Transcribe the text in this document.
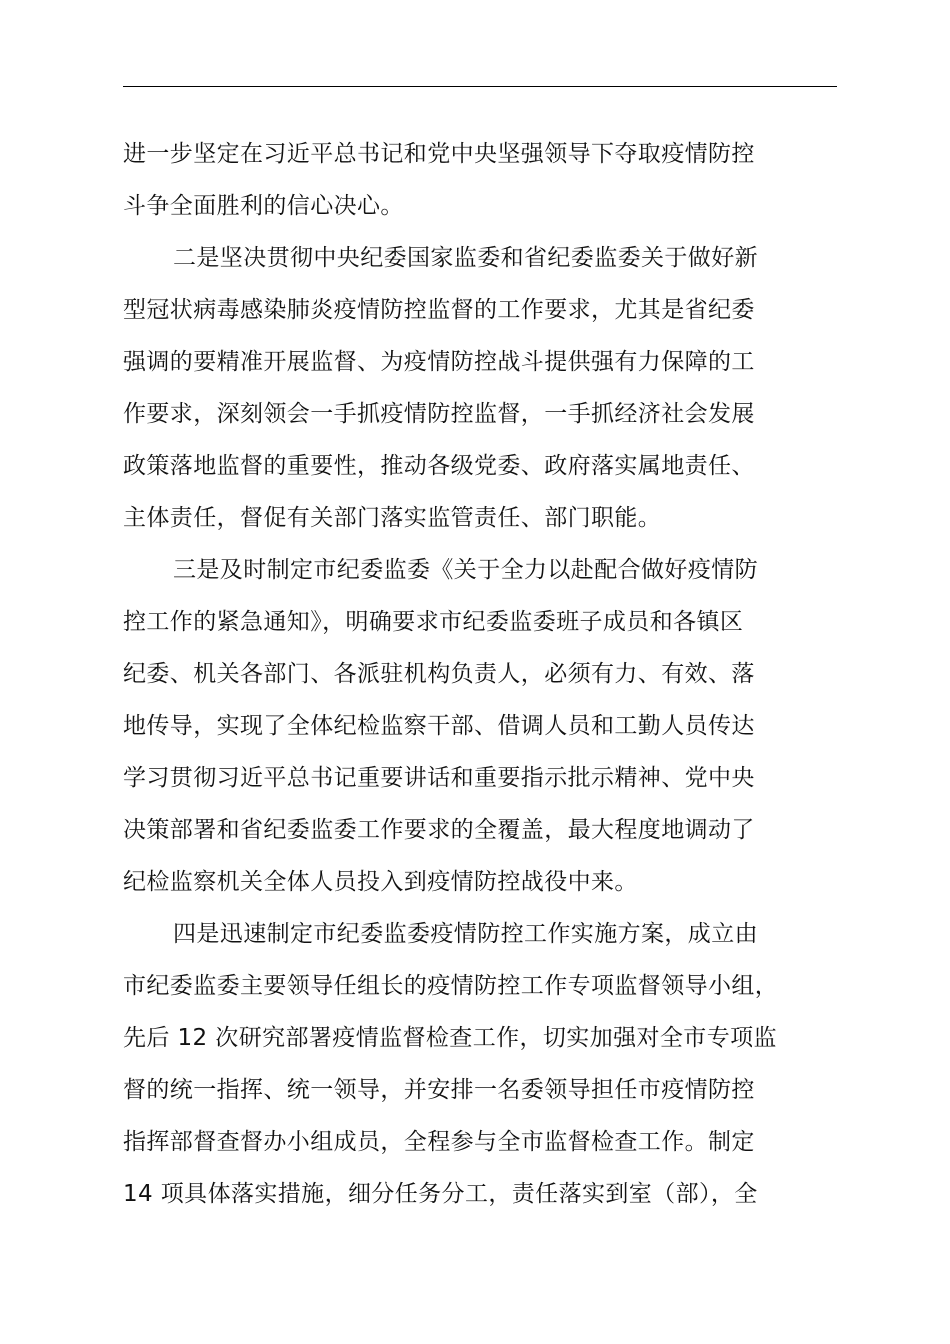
进一步坚定在习近平总书记和党中央坚强领导下夺取疫情防控
斗争全面胜利的信心决心。
二是坚决贯彻中央纪委国家监委和省纪委监委关于做好新
型冠状病毒感染肺炎疫情防控监督的工作要求，尤其是省纪委
强调的要精准开展监督、为疫情防控战斗提供强有力保障的工
作要求，深刻领会一手抓疫情防控监督，一手抓经济社会发展
政策落地监督的重要性，推动各级党委、政府落实属地责任、
主体责任，督促有关部门落实监管责任、部门职能。
三是及时制定市纪委监委《关于全力以赴配合做好疫情防
控工作的紧急通知》，明确要求市纪委监委班子成员和各镇区
纪委、机关各部门、各派驻机构负责人，必须有力、有效、落
地传导，实现了全体纪检监察干部、借调人员和工勤人员传达
学习贯彻习近平总书记重要讲话和重要指示批示精神、党中央
决策部署和省纪委监委工作要求的全覆盖，最大程度地调动了
纪检监察机关全体人员投入到疫情防控战役中来。
四是迅速制定市纪委监委疫情防控工作实施方案，成立由
市纪委监委主要领导任组长的疫情防控工作专项监督领导小组，
先后 12 次研究部署疫情监督检查工作，切实加强对全市专项监
督的统一指挥、统一领导，并安排一名委领导担任市疫情防控
指挥部督查督办小组成员，全程参与全市监督检查工作。制定
14 项具体落实措施，细分任务分工，责任落实到室（部），全
